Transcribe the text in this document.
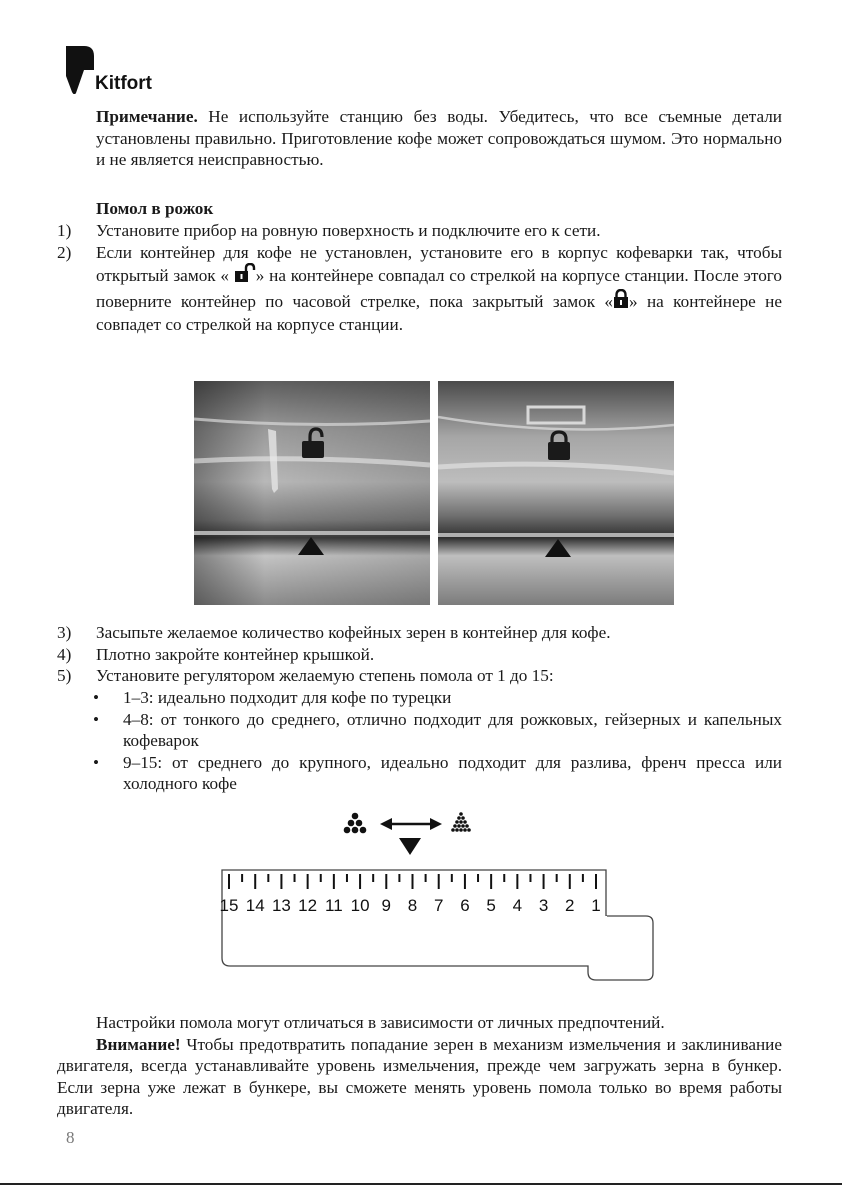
Kitfort
Примечание. Не используйте станцию без воды. Убедитесь, что все съемные детали установлены правильно. Приготовление кофе может сопровождаться шумом. Это нормально и не является неисправностью.
Помол в рожок
1) Установите прибор на ровную поверхность и подключите его к сети.
2) Если контейнер для кофе не установлен, установите его в корпус кофеварки так, чтобы открытый замок « » на контейнере совпадал со стрелкой на корпусе станции. После этого поверните контейнер по часовой стрелке, пока закрытый замок « » на контейнере не совпадет со стрелкой на корпусе станции.
3) Засыпьте желаемое количество кофейных зерен в контейнер для кофе.
4) Плотно закройте контейнер крышкой.
5) Установите регулятором желаемую степень помола от 1 до 15:
• 1–3: идеально подходит для кофе по турецки
• 4–8: от тонкого до среднего, отлично подходит для рожковых, гейзерных и капельных кофеварок
• 9–15: от среднего до крупного, идеально подходит для разлива, френч пресса или холодного кофе
15 14 13 12 11 10 9 8 7 6 5 4 3 2 1

Настройки помола могут отличаться в зависимости от личных предпочтений.

Внимание! Чтобы предотвратить попадание зерен в механизм измельчения и заклинивание двигателя, всегда устанавливайте уровень измельчения, прежде чем загружать зерна в бункер. Если зерна уже лежат в бункере, вы сможете менять уровень помола только во время работы двигателя.

8
